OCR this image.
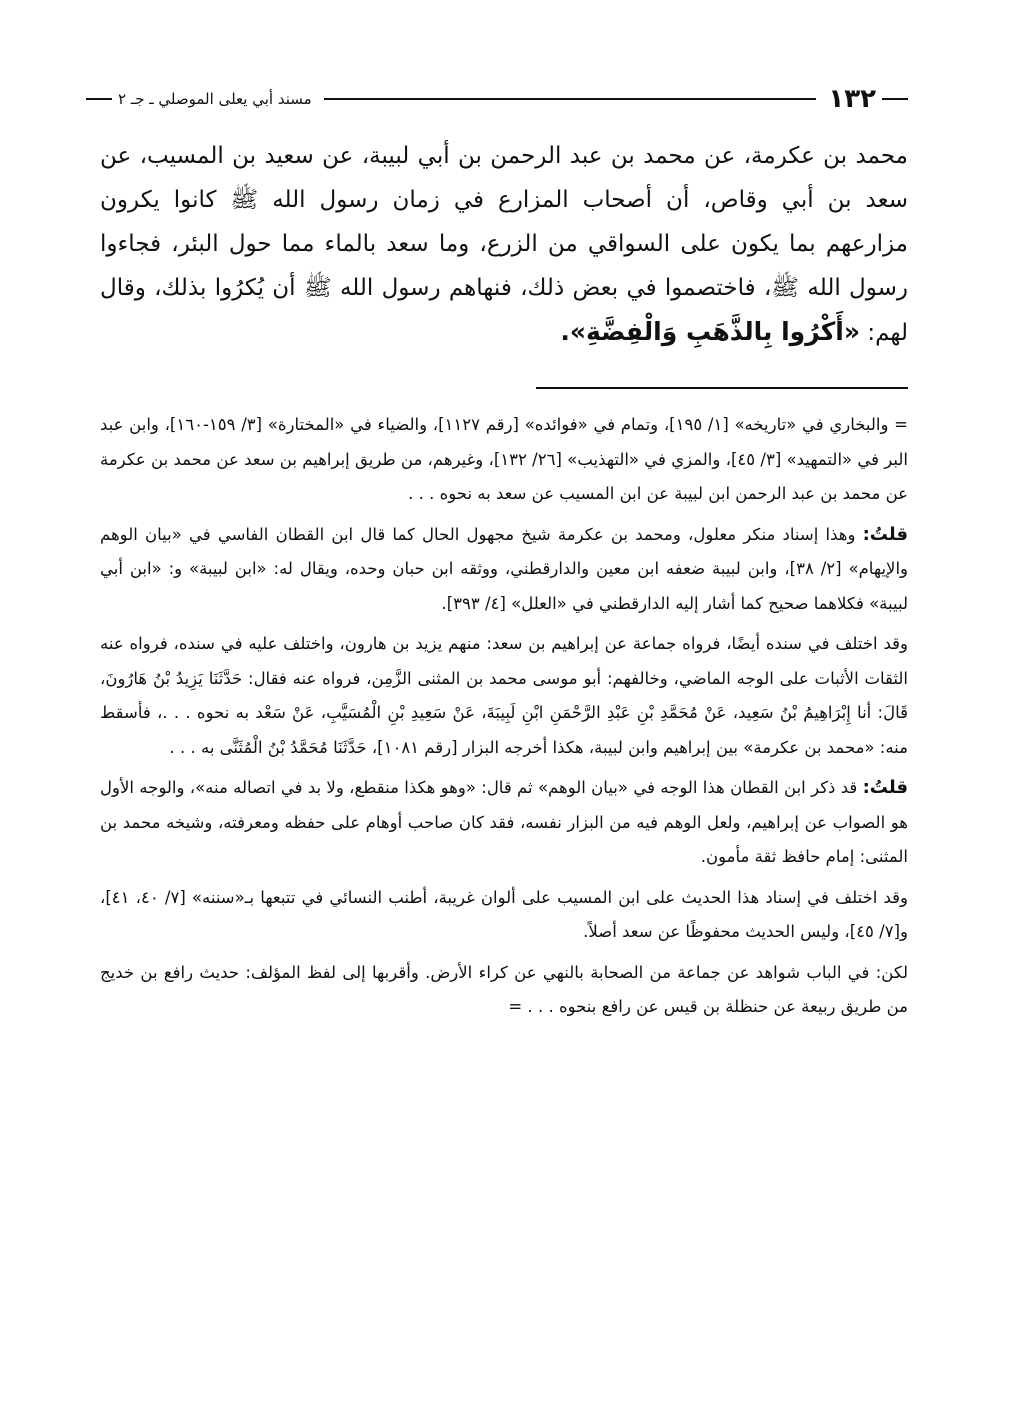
١٣٢
مسند أبي يعلى الموصلي ـ جـ ٢

محمد بن عكرمة، عن محمد بن عبد الرحمن بن أبي لبيبة، عن سعيد بن المسيب، عن سعد بن أبي وقاص، أن أصحاب المزارع في زمان رسول الله ﷺ كانوا يكرون مزارعهم بما يكون على السواقي من الزرع، وما سعد بالماء مما حول البئر، فجاءوا رسول الله ﷺ، فاختصموا في بعض ذلك، فنهاهم رسول الله ﷺ أن يُكرُوا بذلك، وقال لهم: «أَكْرُوا بِالذَّهَبِ وَالْفِضَّةِ».

= والبخاري في «تاريخه» [١/ ١٩٥]، وتمام في «فوائده» [رقم ١١٢٧]، والضياء في «المختارة» [٣/ ١٥٩-١٦٠]، وابن عبد البر في «التمهيد» [٣/ ٤٥]، والمزي في «التهذيب» [٢٦/ ١٣٢]، وغيرهم، من طريق إبراهيم بن سعد عن محمد بن عكرمة عن محمد بن عبد الرحمن ابن لبيبة عن ابن المسيب عن سعد به نحوه . . .

قلتُ: وهذا إسناد منكر معلول، ومحمد بن عكرمة شيخ مجهول الحال كما قال ابن القطان الفاسي في «بيان الوهم والإيهام» [٢/ ٣٨]، وابن لبيبة ضعفه ابن معين والدارقطني، ووثقه ابن حبان وحده، ويقال له: «ابن لبيبة» و: «ابن أبي لبيبة» فكلاهما صحيح كما أشار إليه الدارقطني في «العلل» [٤/ ٣٩٣].

وقد اختلف في سنده أيضًا، فرواه جماعة عن إبراهيم بن سعد: منهم يزيد بن هارون، واختلف عليه في سنده، فرواه عنه الثقات الأثبات على الوجه الماضي، وخالفهم: أبو موسى محمد بن المثنى الزَّمِن، فرواه عنه فقال: حَدَّثَنَا يَزِيدُ بْنُ هَارُونَ، قَالَ: أنا إِبْرَاهِيمُ بْنُ سَعِيد، عَنْ مُحَمَّدِ بْنِ عَبْدِ الرَّحْمَنِ ابْنِ لَبِيبَةَ، عَنْ سَعِيدِ بْنِ الْمُسَيَّبِ، عَنْ سَعْد به نحوه . . .، فأسقط منه: «محمد بن عكرمة» بين إبراهيم وابن لبيبة، هكذا أخرجه البزار [رقم ١٠٨١]، حَدَّثَنَا مُحَمَّدُ بْنُ الْمُثَنَّى به . . .

قلتُ: قد ذكر ابن القطان هذا الوجه في «بيان الوهم» ثم قال: «وهو هكذا منقطع، ولا بد في اتصاله منه»، والوجه الأول هو الصواب عن إبراهيم، ولعل الوهم فيه من البزار نفسه، فقد كان صاحب أوهام على حفظه ومعرفته، وشيخه محمد بن المثنى: إمام حافظ ثقة مأمون.

وقد اختلف في إسناد هذا الحديث على ابن المسيب على ألوان غريبة، أطنب النسائي في تتبعها بـ«سننه» [٧/ ٤٠، ٤١]، و[٧/ ٤٥]، وليس الحديث محفوظًا عن سعد أصلاً.

لكن: في الباب شواهد عن جماعة من الصحابة بالنهي عن كراء الأرض. وأقربها إلى لفظ المؤلف: حديث رافع بن خديج من طريق ربيعة عن حنظلة بن قيس عن رافع بنحوه . . . =
